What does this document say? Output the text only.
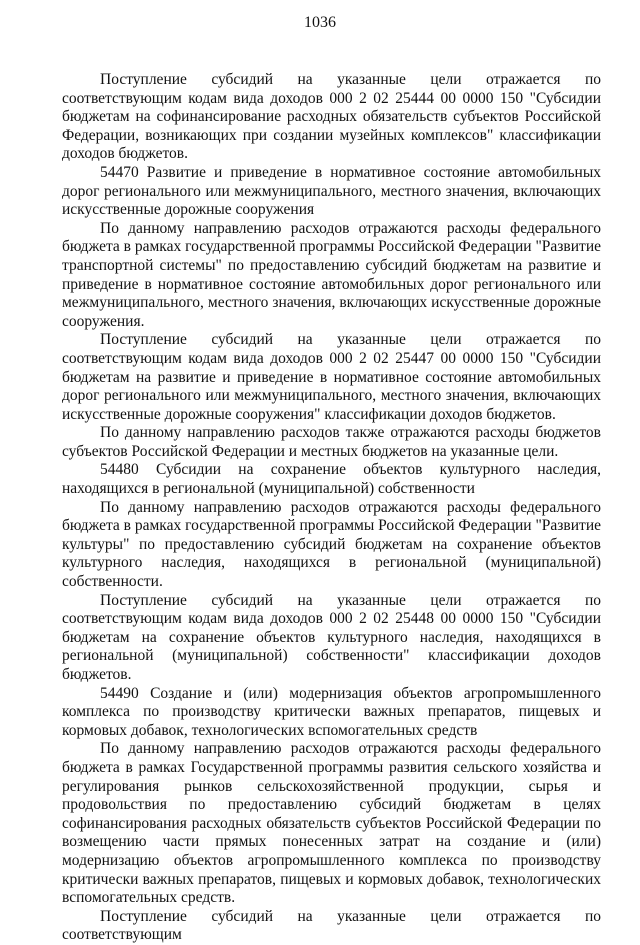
1036

Поступление субсидий на указанные цели отражается по соответствующим кодам вида доходов 000 2 02 25444 00 0000 150 "Субсидии бюджетам на софинансирование расходных обязательств субъектов Российской Федерации, возникающих при создании музейных комплексов" классификации доходов бюджетов.

54470 Развитие и приведение в нормативное состояние автомобильных дорог регионального или межмуниципального, местного значения, включающих искусственные дорожные сооружения

По данному направлению расходов отражаются расходы федерального бюджета в рамках государственной программы Российской Федерации "Развитие транспортной системы" по предоставлению субсидий бюджетам на развитие и приведение в нормативное состояние автомобильных дорог регионального или межмуниципального, местного значения, включающих искусственные дорожные сооружения.

Поступление субсидий на указанные цели отражается по соответствующим кодам вида доходов 000 2 02 25447 00 0000 150 "Субсидии бюджетам на развитие и приведение в нормативное состояние автомобильных дорог регионального или межмуниципального, местного значения, включающих искусственные дорожные сооружения" классификации доходов бюджетов.

По данному направлению расходов также отражаются расходы бюджетов субъектов Российской Федерации и местных бюджетов на указанные цели.

54480 Субсидии на сохранение объектов культурного наследия, находящихся в региональной (муниципальной) собственности

По данному направлению расходов отражаются расходы федерального бюджета в рамках государственной программы Российской Федерации "Развитие культуры" по предоставлению субсидий бюджетам на сохранение объектов культурного наследия, находящихся в региональной (муниципальной) собственности.

Поступление субсидий на указанные цели отражается по соответствующим кодам вида доходов 000 2 02 25448 00 0000 150 "Субсидии бюджетам на сохранение объектов культурного наследия, находящихся в региональной (муниципальной) собственности" классификации доходов бюджетов.

54490 Создание и (или) модернизация объектов агропромышленного комплекса по производству критически важных препаратов, пищевых и кормовых добавок, технологических вспомогательных средств

По данному направлению расходов отражаются расходы федерального бюджета в рамках Государственной программы развития сельского хозяйства и регулирования рынков сельскохозяйственной продукции, сырья и продовольствия по предоставлению субсидий бюджетам в целях софинансирования расходных обязательств субъектов Российской Федерации по возмещению части прямых понесенных затрат на создание и (или) модернизацию объектов агропромышленного комплекса по производству критически важных препаратов, пищевых и кормовых добавок, технологических вспомогательных средств.

Поступление субсидий на указанные цели отражается по соответствующим
